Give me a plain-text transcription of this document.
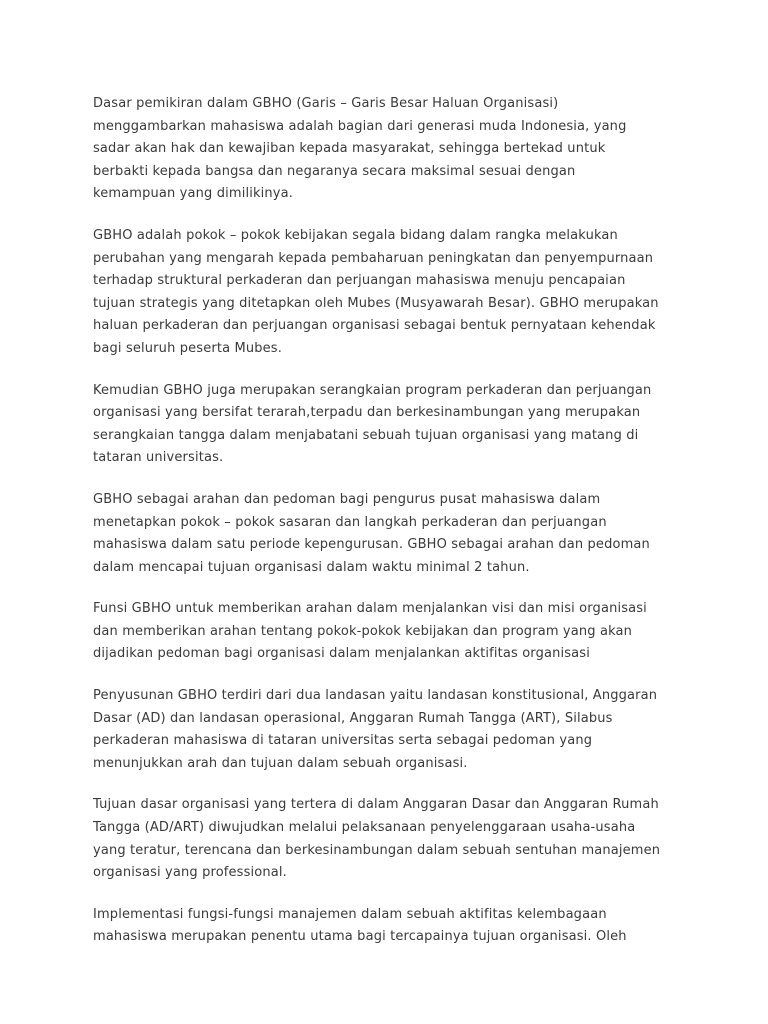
Dasar pemikiran dalam GBHO (Garis – Garis Besar Haluan Organisasi)
menggambarkan mahasiswa adalah bagian dari generasi muda Indonesia, yang
sadar akan hak dan kewajiban kepada masyarakat, sehingga bertekad untuk
berbakti kepada bangsa dan negaranya secara maksimal sesuai dengan
kemampuan yang dimilikinya.

GBHO adalah pokok – pokok kebijakan segala bidang dalam rangka melakukan
perubahan yang mengarah kepada pembaharuan peningkatan dan penyempurnaan
terhadap struktural perkaderan dan perjuangan mahasiswa menuju pencapaian
tujuan strategis yang ditetapkan oleh Mubes (Musyawarah Besar). GBHO merupakan
haluan perkaderan dan perjuangan organisasi sebagai bentuk pernyataan kehendak
bagi seluruh peserta Mubes.

Kemudian GBHO juga merupakan serangkaian program perkaderan dan perjuangan
organisasi yang bersifat terarah,terpadu dan berkesinambungan yang merupakan
serangkaian tangga dalam menjabatani sebuah tujuan organisasi yang matang di
tataran universitas.

GBHO sebagai arahan dan pedoman bagi pengurus pusat mahasiswa dalam
menetapkan pokok – pokok sasaran dan langkah perkaderan dan perjuangan
mahasiswa dalam satu periode kepengurusan. GBHO sebagai arahan dan pedoman
dalam mencapai tujuan organisasi dalam waktu minimal 2 tahun.

Funsi GBHO untuk memberikan arahan dalam menjalankan visi dan misi organisasi
dan memberikan arahan tentang pokok-pokok kebijakan dan program yang akan
dijadikan pedoman bagi organisasi dalam menjalankan aktifitas organisasi

Penyusunan GBHO terdiri dari dua landasan yaitu landasan konstitusional, Anggaran
Dasar (AD) dan landasan operasional, Anggaran Rumah Tangga (ART), Silabus
perkaderan mahasiswa di tataran universitas serta sebagai pedoman yang
menunjukkan arah dan tujuan dalam sebuah organisasi.

Tujuan dasar organisasi yang tertera di dalam Anggaran Dasar dan Anggaran Rumah
Tangga (AD/ART) diwujudkan melalui pelaksanaan penyelenggaraan usaha-usaha
yang teratur, terencana dan berkesinambungan dalam sebuah sentuhan manajemen
organisasi yang professional.

Implementasi fungsi-fungsi manajemen dalam sebuah aktifitas kelembagaan
mahasiswa merupakan penentu utama bagi tercapainya tujuan organisasi. Oleh
